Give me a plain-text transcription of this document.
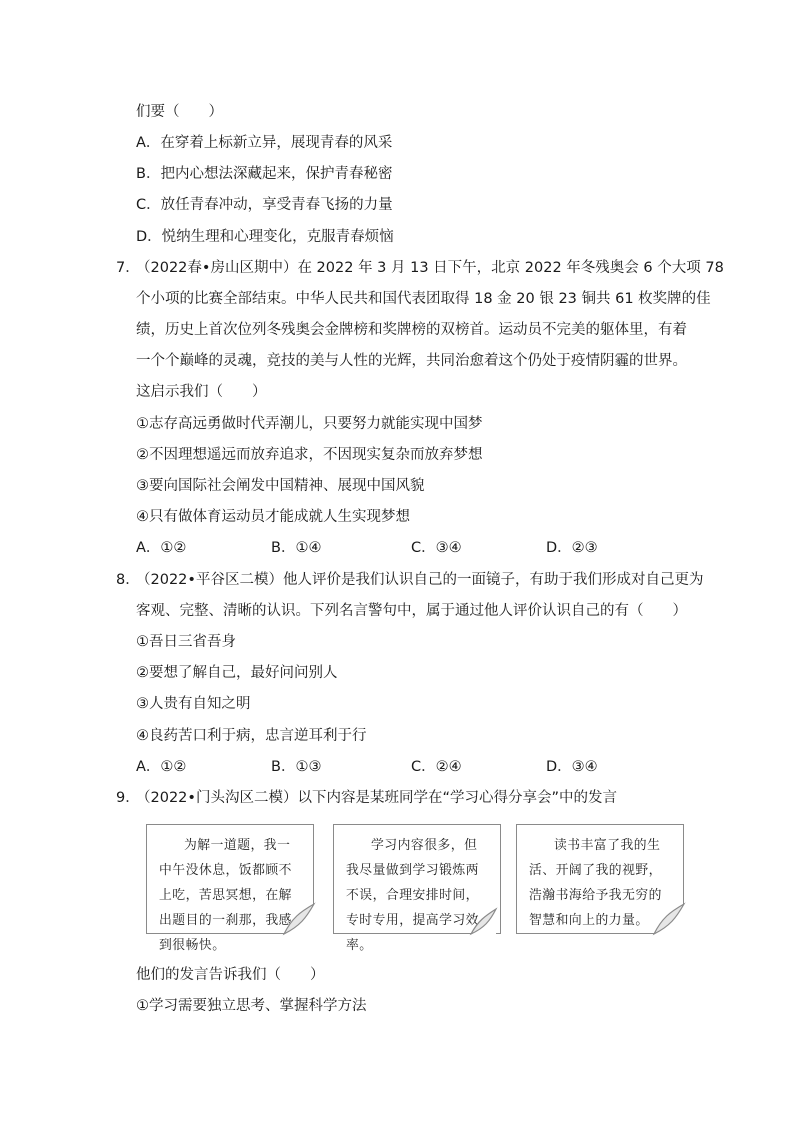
们要（　　）
A．在穿着上标新立异，展现青春的风采
B．把内心想法深藏起来，保护青春秘密
C．放任青春冲动，享受青春飞扬的力量
D．悦纳生理和心理变化，克服青春烦恼
7．
（2022春•房山区期中）在 2022 年 3 月 13 日下午，北京 2022 年冬残奥会 6 个大项 78
个小项的比赛全部结束。中华人民共和国代表团取得 18 金 20 银 23 铜共 61 枚奖牌的佳
绩，历史上首次位列冬残奥会金牌榜和奖牌榜的双榜首。运动员不完美的躯体里，有着
一个个巅峰的灵魂，竞技的美与人性的光辉，共同治愈着这个仍处于疫情阴霾的世界。
这启示我们（　　）
①志存高远勇做时代弄潮儿，只要努力就能实现中国梦
②不因理想遥远而放弃追求，不因现实复杂而放弃梦想
③要向国际社会阐发中国精神、展现中国风貌
④只有做体育运动员才能成就人生实现梦想
A．①②	B．①④	C．③④	D．②③
8．
（2022•平谷区二模）他人评价是我们认识自己的一面镜子，有助于我们形成对自己更为
客观、完整、清晰的认识。下列名言警句中，属于通过他人评价认识自己的有（　　）
①吾日三省吾身
②要想了解自己，最好问问别人
③人贵有自知之明
④良药苦口利于病，忠言逆耳利于行
A．①②	B．①③	C．②④	D．③④
9．
（2022•门头沟区二模）以下内容是某班同学在“学习心得分享会”中的发言
为解一道题，我一中午没休息，饭都顾不上吃，苦思冥想，在解出题目的一刹那，我感到很畅快。
学习内容很多，但我尽量做到学习锻炼两不误，合理安排时间，专时专用，提高学习效率。
读书丰富了我的生活、开阔了我的视野，浩瀚书海给予我无穷的智慧和向上的力量。
他们的发言告诉我们（　　）
①学习需要独立思考、掌握科学方法
